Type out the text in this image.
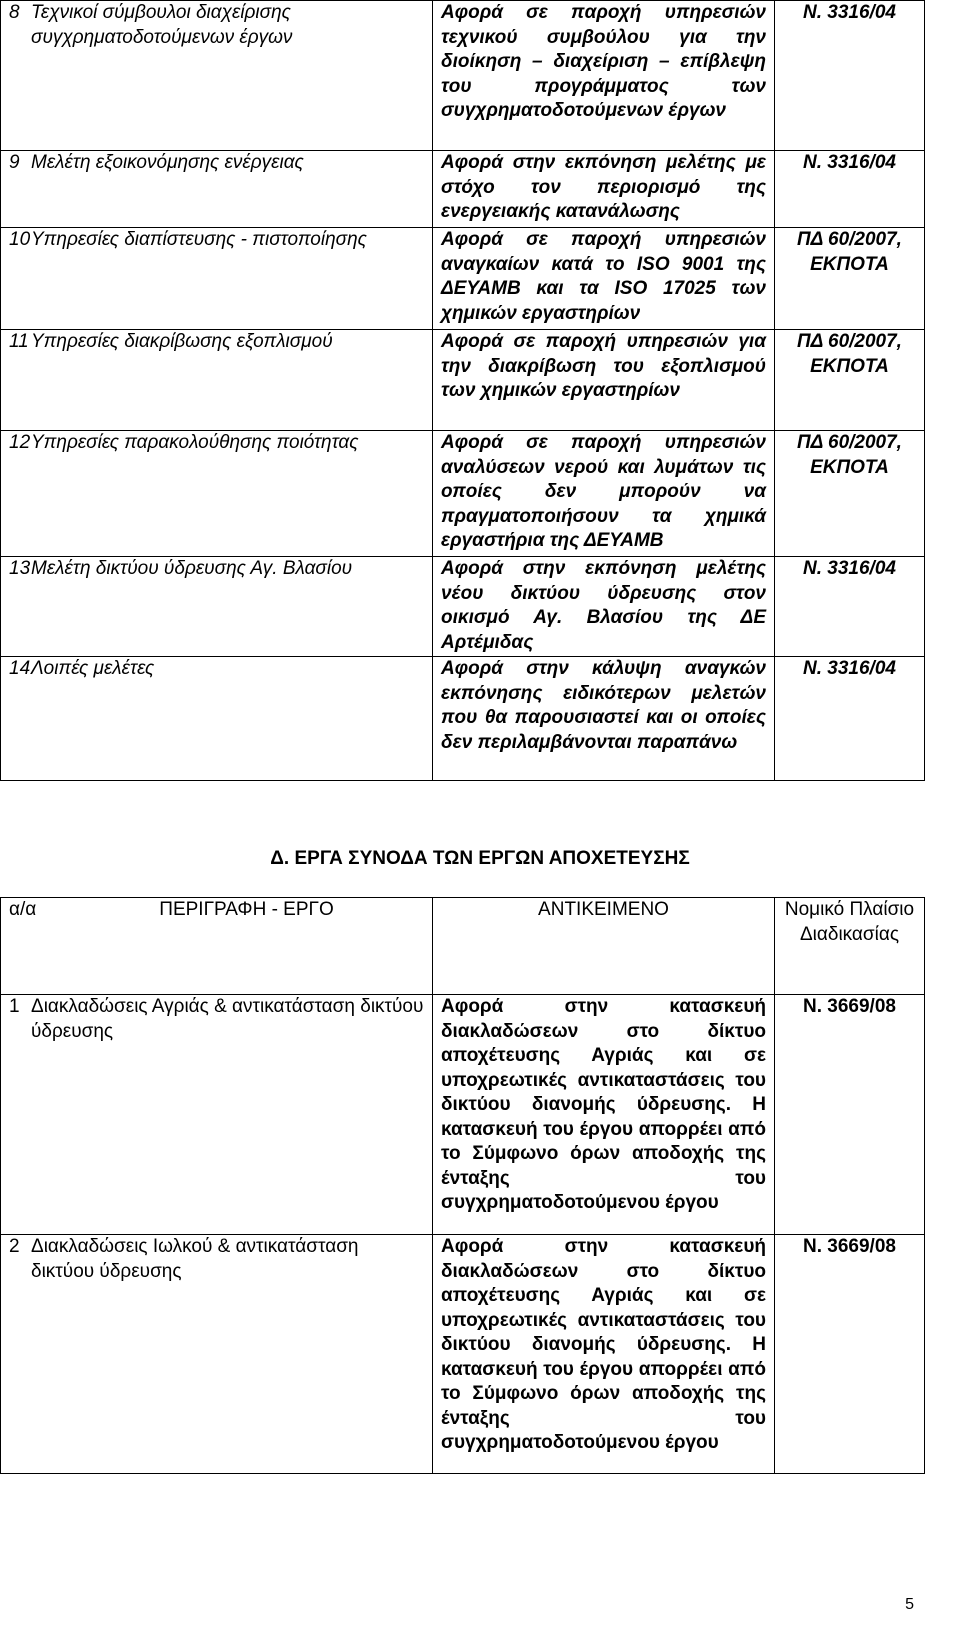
8 Τεχνικοί σύμβουλοι διαχείρισης συγχρηματοδοτούμενων έργων	Αφορά σε παροχή υπηρεσιών τεχνικού συμβούλου για την διοίκηση – διαχείριση – επίβλεψη του προγράμματος των συγχρηματοδοτούμενων έργων	Ν. 3316/04

9 Μελέτη εξοικονόμησης ενέργειας	Αφορά στην εκπόνηση μελέτης με στόχο τον περιορισμό της ενεργειακής κατανάλωσης	Ν. 3316/04

10 Υπηρεσίες διαπίστευσης - πιστοποίησης	Αφορά σε παροχή υπηρεσιών αναγκαίων κατά το ISO 9001 της ΔΕΥΑΜΒ και τα ISO 17025 των χημικών εργαστηρίων	ΠΔ 60/2007, ΕΚΠΟΤΑ

11 Υπηρεσίες διακρίβωσης εξοπλισμού	Αφορά σε παροχή υπηρεσιών για την διακρίβωση του εξοπλισμού των χημικών εργαστηρίων	ΠΔ 60/2007, ΕΚΠΟΤΑ

12 Υπηρεσίες παρακολούθησης ποιότητας	Αφορά σε παροχή υπηρεσιών αναλύσεων νερού και λυμάτων τις οποίες δεν μπορούν να πραγματοποιήσουν τα χημικά εργαστήρια της ΔΕΥΑΜΒ	ΠΔ 60/2007, ΕΚΠΟΤΑ

13 Μελέτη δικτύου ύδρευσης Αγ. Βλασίου	Αφορά στην εκπόνηση μελέτης νέου δικτύου ύδρευσης στον οικισμό Αγ. Βλασίου της ΔΕ Αρτέμιδας	Ν. 3316/04

14 Λοιπές μελέτες	Αφορά στην κάλυψη αναγκών εκπόνησης ειδικότερων μελετών που θα παρουσιαστεί και οι οποίες δεν περιλαμβάνονται παραπάνω	Ν. 3316/04
Δ. ΕΡΓΑ ΣΥΝΟΔΑ ΤΩΝ ΕΡΓΩΝ ΑΠΟΧΕΤΕΥΣΗΣ
α/α ΠΕΡΙΓΡΑΦΗ - ΕΡΓΟ	ΑΝΤΙΚΕΙΜΕΝΟ	Νομικό Πλαίσιο Διαδικασίας

1 Διακλαδώσεις Αγριάς & αντικατάσταση δικτύου ύδρευσης	Αφορά στην κατασκευή διακλαδώσεων στο δίκτυο αποχέτευσης Αγριάς και σε υποχρεωτικές αντικαταστάσεις του δικτύου διανομής ύδρευσης. Η κατασκευή του έργου απορρέει από το Σύμφωνο όρων αποδοχής της ένταξης του συγχρηματοδοτούμενου έργου	Ν. 3669/08

2 Διακλαδώσεις Ιωλκού & αντικατάσταση δικτύου ύδρευσης	Αφορά στην κατασκευή διακλαδώσεων στο δίκτυο αποχέτευσης Αγριάς και σε υποχρεωτικές αντικαταστάσεις του δικτύου διανομής ύδρευσης. Η κατασκευή του έργου απορρέει από το Σύμφωνο όρων αποδοχής της ένταξης του συγχρηματοδοτούμενου έργου	Ν. 3669/08
5
